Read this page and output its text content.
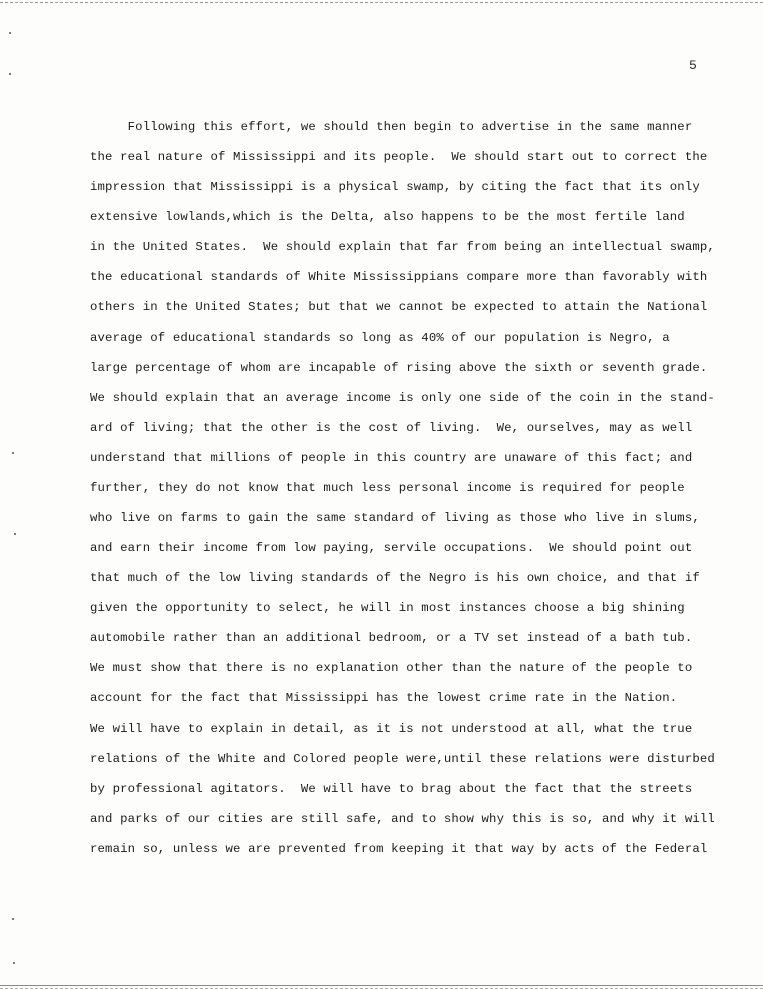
5
Following this effort, we should then begin to advertise in the same manner
the real nature of Mississippi and its people.  We should start out to correct the
impression that Mississippi is a physical swamp, by citing the fact that its only
extensive lowlands,which is the Delta, also happens to be the most fertile land
in the United States.  We should explain that far from being an intellectual swamp,
the educational standards of White Mississippians compare more than favorably with
others in the United States; but that we cannot be expected to attain the National
average of educational standards so long as 40% of our population is Negro, a
large percentage of whom are incapable of rising above the sixth or seventh grade.
We should explain that an average income is only one side of the coin in the stand-
ard of living; that the other is the cost of living.  We, ourselves, may as well
understand that millions of people in this country are unaware of this fact; and
further, they do not know that much less personal income is required for people
who live on farms to gain the same standard of living as those who live in slums,
and earn their income from low paying, servile occupations.  We should point out
that much of the low living standards of the Negro is his own choice, and that if
given the opportunity to select, he will in most instances choose a big shining
automobile rather than an additional bedroom, or a TV set instead of a bath tub.
We must show that there is no explanation other than the nature of the people to
account for the fact that Mississippi has the lowest crime rate in the Nation.
We will have to explain in detail, as it is not understood at all, what the true
relations of the White and Colored people were,until these relations were disturbed
by professional agitators.  We will have to brag about the fact that the streets
and parks of our cities are still safe, and to show why this is so, and why it will
remain so, unless we are prevented from keeping it that way by acts of the Federal
